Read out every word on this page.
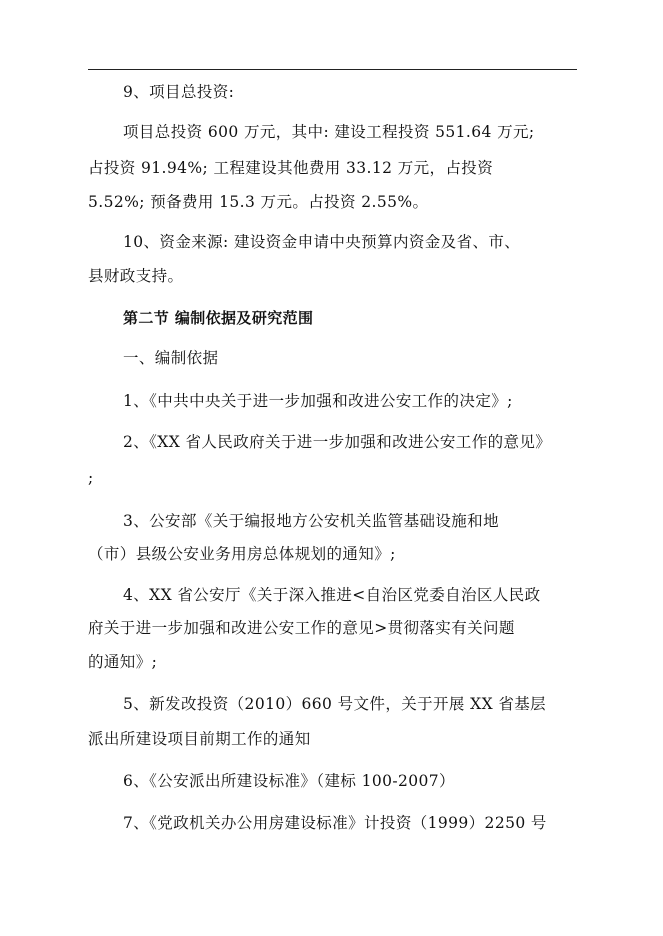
9、项目总投资:
项目总投资 600 万元，其中: 建设工程投资 551.64 万元;
占投资 91.94%; 工程建设其他费用 33.12 万元，占投资
5.52%; 预备费用 15.3 万元。占投资 2.55%。
10、资金来源: 建设资金申请中央预算内资金及省、市、
县财政支持。
第二节 编制依据及研究范围
一、编制依据
1、《中共中央关于进一步加强和改进公安工作的决定》;
2、《XX 省人民政府关于进一步加强和改进公安工作的意见》
;
3、公安部《关于编报地方公安机关监管基础设施和地
（市）县级公安业务用房总体规划的通知》;
4、XX 省公安厅《关于深入推进<自治区党委自治区人民政
府关于进一步加强和改进公安工作的意见>贯彻落实有关问题
的通知》;
5、新发改投资（2010）660 号文件，关于开展 XX 省基层
派出所建设项目前期工作的通知
6、《公安派出所建设标准》（建标 100-2007）
7、《党政机关办公用房建设标准》计投资（1999）2250 号
